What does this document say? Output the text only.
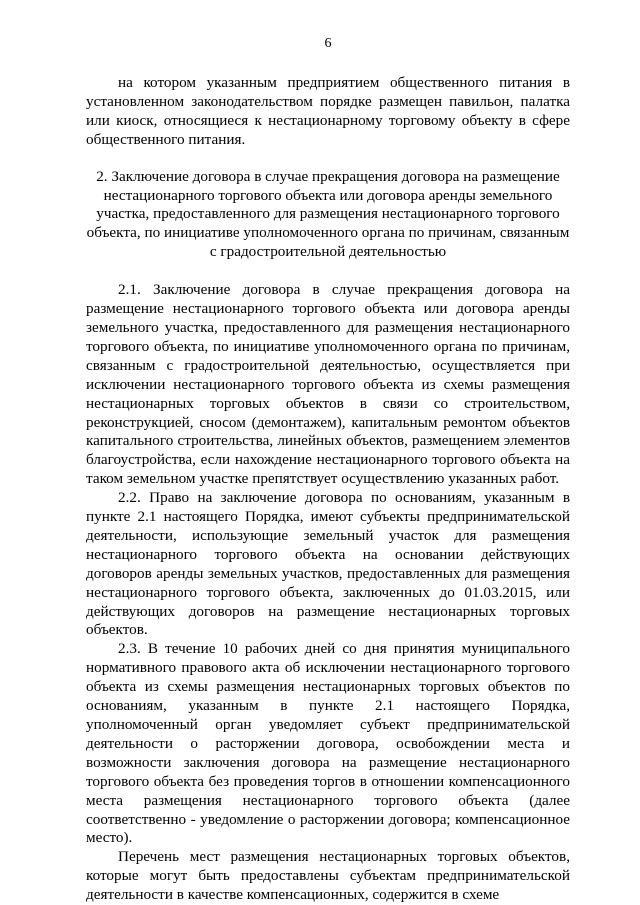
6

на котором указанным предприятием общественного питания в установленном законодательством порядке размещен павильон, палатка или киоск, относящиеся к нестационарному торговому объекту в сфере общественного питания.

2. Заключение договора в случае прекращения договора на размещение нестационарного торгового объекта или договора аренды земельного участка, предоставленного для размещения нестационарного торгового объекта, по инициативе уполномоченного органа по причинам, связанным с градостроительной деятельностью

2.1. Заключение договора в случае прекращения договора на размещение нестационарного торгового объекта или договора аренды земельного участка, предоставленного для размещения нестационарного торгового объекта, по инициативе уполномоченного органа по причинам, связанным с градостроительной деятельностью, осуществляется при исключении нестационарного торгового объекта из схемы размещения нестационарных торговых объектов в связи со строительством, реконструкцией, сносом (демонтажем), капитальным ремонтом объектов капитального строительства, линейных объектов, размещением элементов благоустройства, если нахождение нестационарного торгового объекта на таком земельном участке препятствует осуществлению указанных работ.

2.2. Право на заключение договора по основаниям, указанным в пункте 2.1 настоящего Порядка, имеют субъекты предпринимательской деятельности, использующие земельный участок для размещения нестационарного торгового объекта на основании действующих договоров аренды земельных участков, предоставленных для размещения нестационарного торгового объекта, заключенных до 01.03.2015, или действующих договоров на размещение нестационарных торговых объектов.

2.3. В течение 10 рабочих дней со дня принятия муниципального нормативного правового акта об исключении нестационарного торгового объекта из схемы размещения нестационарных торговых объектов по основаниям, указанным в пункте 2.1 настоящего Порядка, уполномоченный орган уведомляет субъект предпринимательской деятельности о расторжении договора, освобождении места и возможности заключения договора на размещение нестационарного торгового объекта без проведения торгов в отношении компенсационного места размещения нестационарного торгового объекта (далее соответственно - уведомление о расторжении договора; компенсационное место).

Перечень мест размещения нестационарных торговых объектов, которые могут быть предоставлены субъектам предпринимательской деятельности в качестве компенсационных, содержится в схеме
